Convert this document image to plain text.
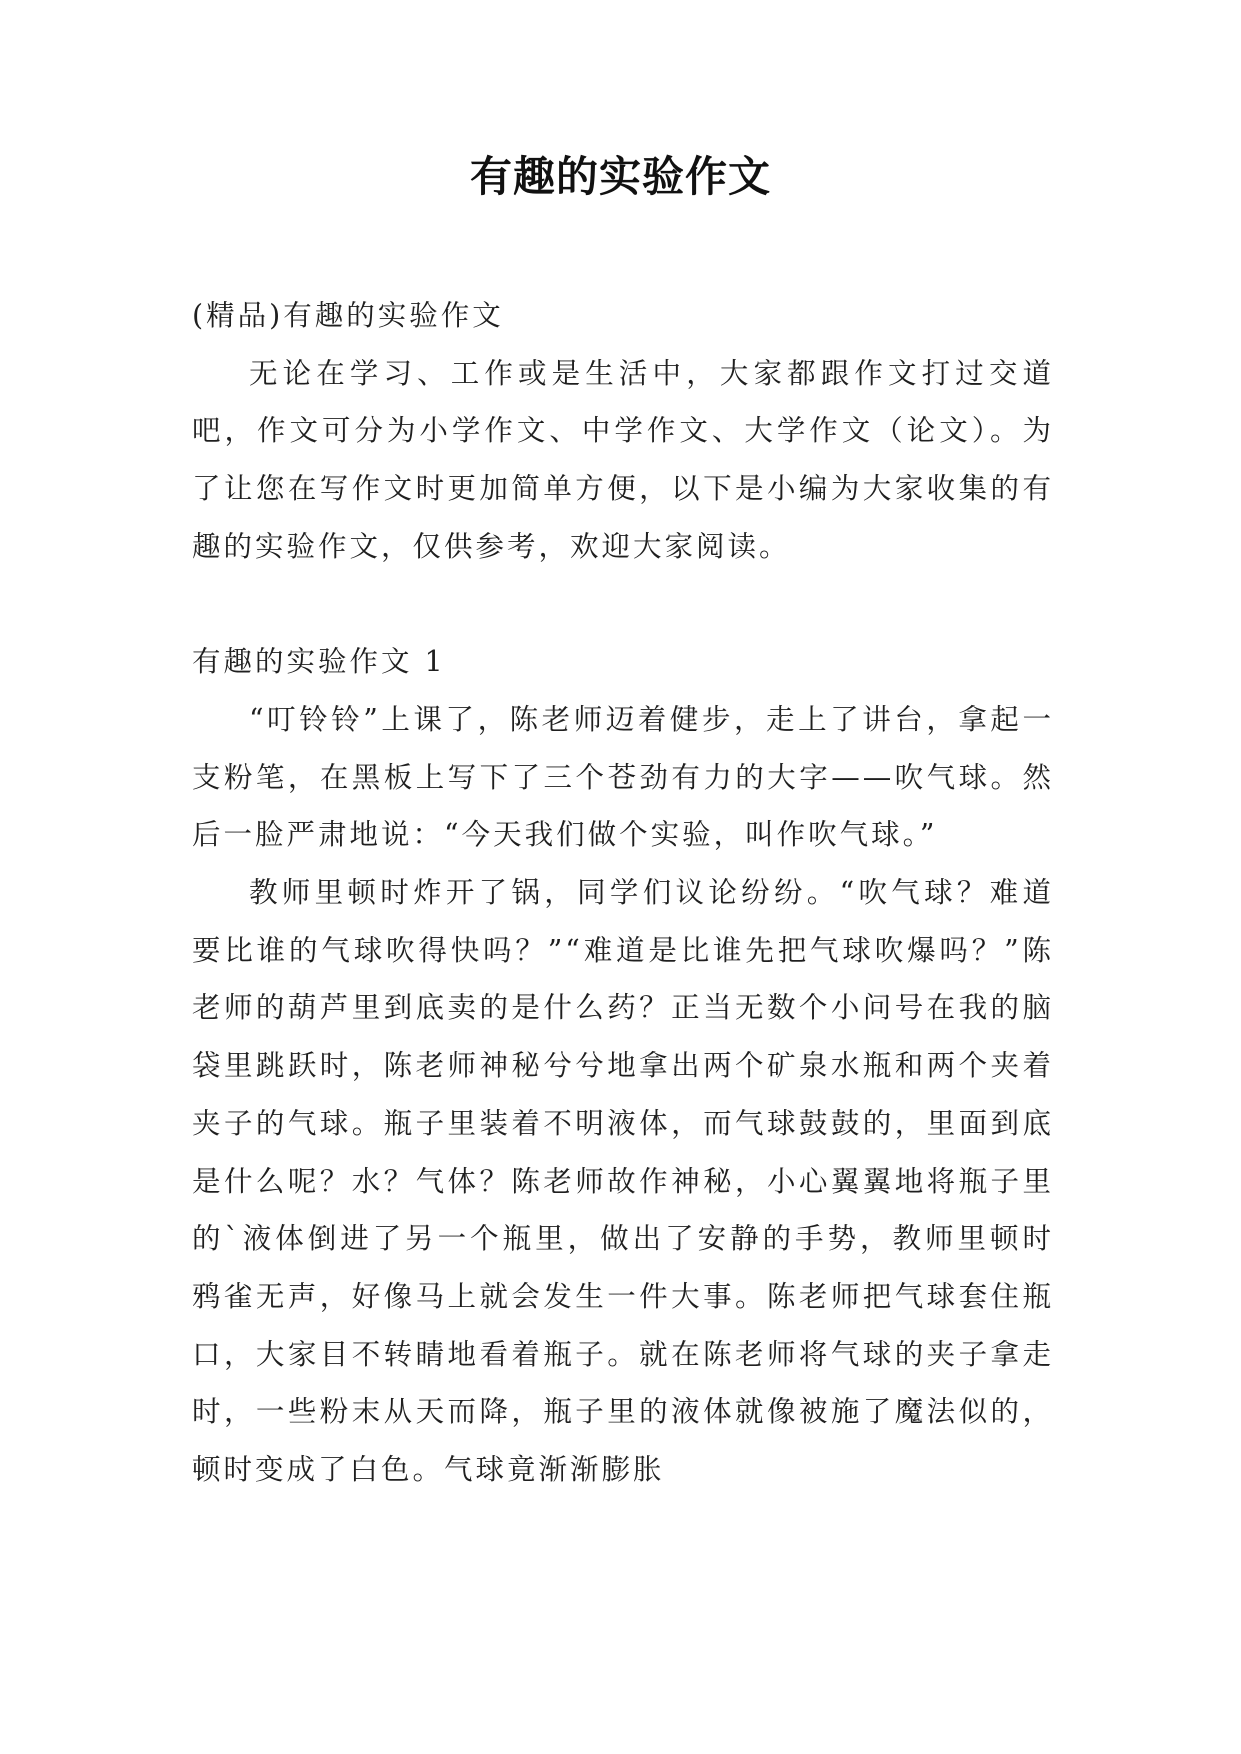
有趣的实验作文

(精品)有趣的实验作文

无论在学习、工作或是生活中，大家都跟作文打过交道吧，作文可分为小学作文、中学作文、大学作文（论文）。为了让您在写作文时更加简单方便，以下是小编为大家收集的有趣的实验作文，仅供参考，欢迎大家阅读。

有趣的实验作文 1

“叮铃铃”上课了，陈老师迈着健步，走上了讲台，拿起一支粉笔，在黑板上写下了三个苍劲有力的大字——吹气球。然后一脸严肃地说：“今天我们做个实验，叫作吹气球。”

教师里顿时炸开了锅，同学们议论纷纷。“吹气球？难道要比谁的气球吹得快吗？”“难道是比谁先把气球吹爆吗？”陈老师的葫芦里到底卖的是什么药？正当无数个小问号在我的脑袋里跳跃时，陈老师神秘兮兮地拿出两个矿泉水瓶和两个夹着夹子的气球。瓶子里装着不明液体，而气球鼓鼓的，里面到底是什么呢？水？气体？陈老师故作神秘，小心翼翼地将瓶子里的`液体倒进了另一个瓶里，做出了安静的手势，教师里顿时鸦雀无声，好像马上就会发生一件大事。陈老师把气球套住瓶口，大家目不转睛地看着瓶子。就在陈老师将气球的夹子拿走时，一些粉末从天而降，瓶子里的液体就像被施了魔法似的，顿时变成了白色。气球竟渐渐膨胀
